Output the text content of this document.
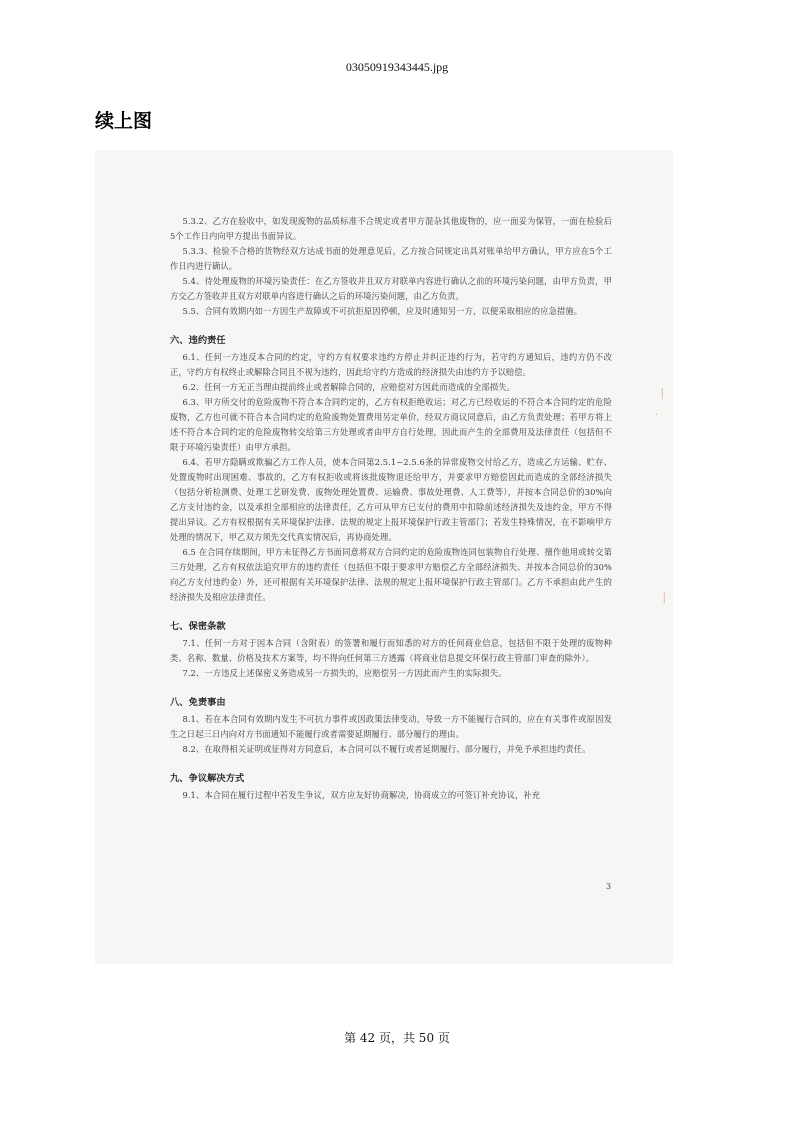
03050919343445.jpg
续上图

5.3.2、乙方在验收中，如发现废物的品质标准不合规定或者甲方混杂其他废物的，应一面妥为保管，一面在检验后5个工作日内向甲方提出书面异议。

5.3.3、检验不合格的货物经双方达成书面的处理意见后，乙方按合同规定出具对账单给甲方确认，甲方应在5个工作日内进行确认。

5.4、待处理废物的环境污染责任：在乙方签收并且双方对联单内容进行确认之前的环境污染问题，由甲方负责，甲方交乙方签收并且双方对联单内容进行确认之后的环境污染问题，由乙方负责。

5.5、合同有效期内如一方因生产故障或不可抗拒原因停顿，应及时通知另一方，以便采取相应的应急措施。

六、违约责任

6.1、任何一方违反本合同的约定，守约方有权要求违约方停止并纠正违约行为，若守约方通知后，违约方仍不改正，守约方有权终止或解除合同且不视为违约，因此给守约方造成的经济损失由违约方予以赔偿。

6.2、任何一方无正当理由提前终止或者解除合同的，应赔偿对方因此而造成的全部损失。

6.3、甲方所交付的危险废物不符合本合同约定的，乙方有权拒绝收运；对乙方已经收运的不符合本合同约定的危险废物，乙方也可就不符合本合同约定的危险废物处置费用另定单价，经双方商议同意后，由乙方负责处理；若甲方将上述不符合本合同约定的危险废物转交给第三方处理或者由甲方自行处理，因此而产生的全部费用及法律责任（包括但不限于环境污染责任）由甲方承担。

6.4、若甲方隐瞒或欺骗乙方工作人员，使本合同第2.5.1~2.5.6条的异常废物交付给乙方，造成乙方运输、贮存、处置废物时出现困难、事故的，乙方有权拒收或将该批废物退还给甲方，并要求甲方赔偿因此而造成的全部经济损失（包括分析检测费、处理工艺研发费、废物处理处置费、运输费、事故处理费、人工费等），并按本合同总价的30%向乙方支付违约金，以及承担全部相应的法律责任，乙方可从甲方已支付的费用中扣除前述经济损失及违约金，甲方不得提出异议。乙方有权根据有关环境保护法律、法规的规定上报环境保护行政主管部门；若发生特殊情况，在不影响甲方处理的情况下，甲乙双方须先交代真实情况后，再协商处理。

6.5 在合同存续期间，甲方未征得乙方书面同意将双方合同约定的危险废物连同包装物自行处理、擅作他用或转交第三方处理，乙方有权依法追究甲方的违约责任（包括但不限于要求甲方赔偿乙方全部经济损失、并按本合同总价的30%向乙方支付违约金）外，还可根据有关环境保护法律、法规的规定上报环境保护行政主管部门。乙方不承担由此产生的经济损失及相应法律责任。

七、保密条款

7.1、任何一方对于因本合同（含附表）的签署和履行而知悉的对方的任何商业信息，包括但不限于处理的废物种类、名称、数量、价格及技术方案等，均不得向任何第三方透露（将商业信息提交环保行政主管部门审查的除外）。

7.2、一方违反上述保密义务造成另一方损失的，应赔偿另一方因此而产生的实际损失。

八、免责事由

8.1、若在本合同有效期内发生不可抗力事件或因政策法律变动，导致一方不能履行合同的，应在有关事件或原因发生之日起三日内向对方书面通知不能履行或者需要延期履行、部分履行的理由。

8.2、在取得相关证明或征得对方同意后，本合同可以不履行或者延期履行、部分履行，并免予承担违约责任。

九、争议解决方式

9.1、本合同在履行过程中若发生争议，双方应友好协商解决，协商成立的可签订补充协议，补充

3
⸽
·
⸽
第 42 页，共 50 页
